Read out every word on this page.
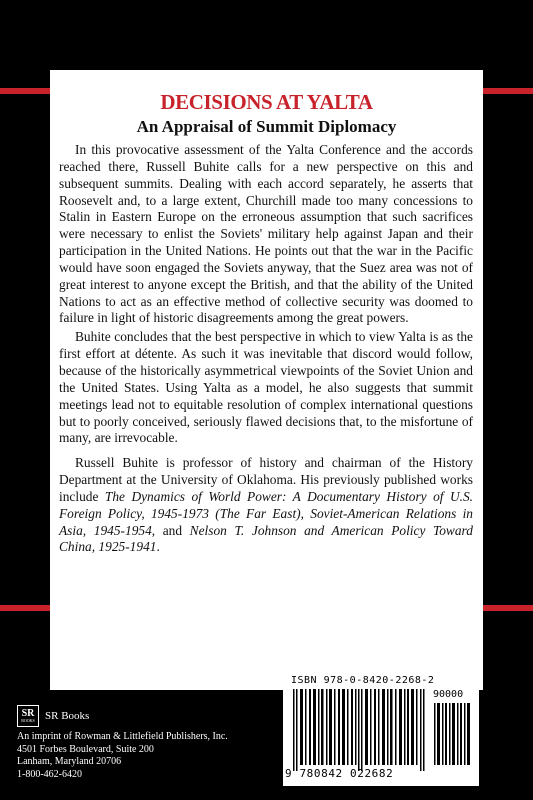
DECISIONS AT YALTA
An Appraisal of Summit Diplomacy

In this provocative assessment of the Yalta Conference and the accords reached there, Russell Buhite calls for a new perspective on this and subsequent summits. Dealing with each accord separately, he asserts that Roosevelt and, to a large extent, Churchill made too many concessions to Stalin in Eastern Europe on the erroneous assumption that such sacrifices were necessary to enlist the Soviets' military help against Japan and their participation in the United Nations. He points out that the war in the Pacific would have soon engaged the Soviets anyway, that the Suez area was not of great interest to anyone except the British, and that the ability of the United Nations to act as an effective method of collective security was doomed to failure in light of historic disagreements among the great powers.

Buhite concludes that the best perspective in which to view Yalta is as the first effort at détente. As such it was inevitable that discord would follow, because of the historically asymmetrical viewpoints of the Soviet Union and the United States. Using Yalta as a model, he also suggests that summit meetings lead not to equitable resolution of complex international questions but to poorly conceived, seriously flawed decisions that, to the misfortune of many, are irrevocable.

Russell Buhite is professor of history and chairman of the History Department at the University of Oklahoma. His previously published works include The Dynamics of World Power: A Documentary History of U.S. Foreign Policy, 1945-1973 (The Far East), Soviet-American Relations in Asia, 1945-1954, and Nelson T. Johnson and American Policy Toward China, 1925-1941.

ISBN 978-0-8420-2268-2
90000
9 780842 022682
SR
BOOKS SR Books
An imprint of Rowman & Littlefield Publishers, Inc.
4501 Forbes Boulevard, Suite 200
Lanham, Maryland 20706
1-800-462-6420
